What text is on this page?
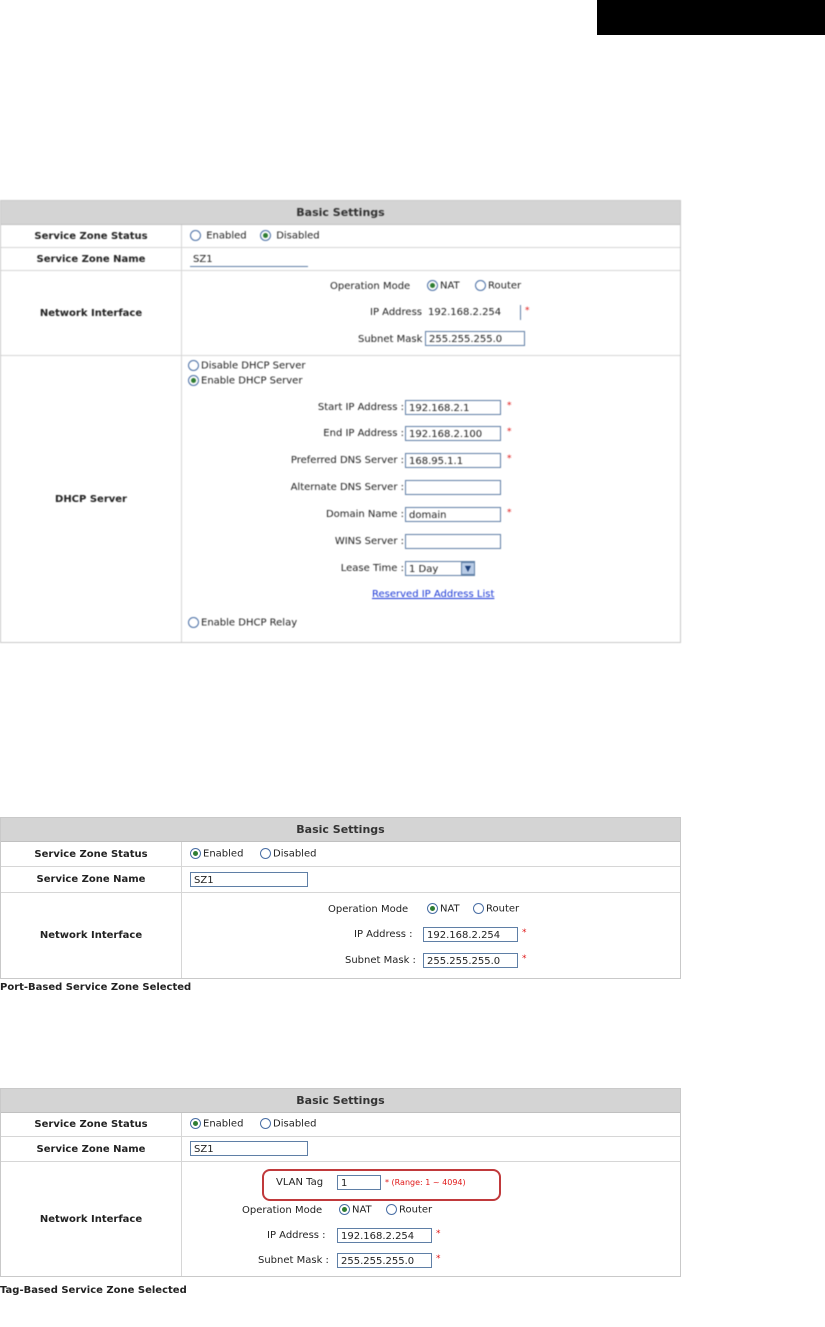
Basic Settings
Service Zone Status	Enabled	Disabled
Service Zone Name	SZ1
Network Interface
Operation Mode	NAT	Router
IP Address 192.168.2.254	*
Subnet Mask 255.255.255.0
DHCP Server
Disable DHCP Server
Enable DHCP Server
Start IP Address : 192.168.2.1	*
End IP Address : 192.168.2.100	*
Preferred DNS Server : 168.95.1.1	*
Alternate DNS Server :
Domain Name : domain	*
WINS Server :
Lease Time : 1 Day	▼
Reserved IP Address List
Enable DHCP Relay
Basic Settings
Service Zone Status	Enabled	Disabled
Service Zone Name	SZ1
Network Interface
Operation Mode	NAT	Router
IP Address :	192.168.2.254	*
Subnet Mask :	255.255.255.0	*
Port-Based Service Zone Selected
Basic Settings
Service Zone Status	Enabled	Disabled
Service Zone Name	SZ1
Network Interface
VLAN Tag	1	* (Range: 1 ~ 4094)
Operation Mode	NAT	Router
IP Address :	192.168.2.254	*
Subnet Mask :	255.255.255.0	*
Tag-Based Service Zone Selected
